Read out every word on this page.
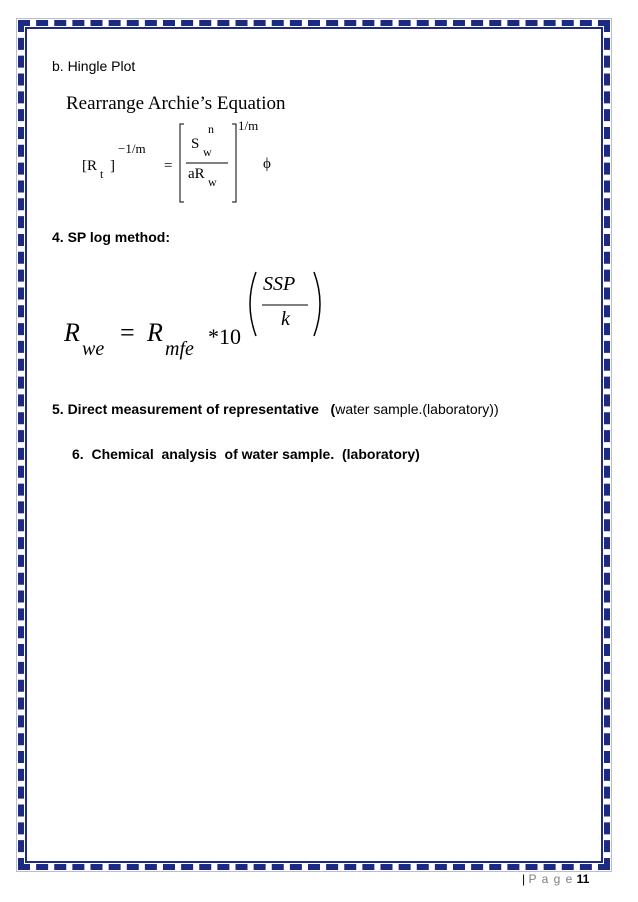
b. Hingle Plot
Rearrange Archie’s Equation
[R t ]
−1/m
=
n
S w
aR w
1/m
ϕ
4. SP log method:
R
we
= R
mfe *10
SSP
k
5. Direct measurement of representative   (water sample.(laboratory))
6.  Chemical  analysis  of water sample.  (laboratory)
| P a g e 11
